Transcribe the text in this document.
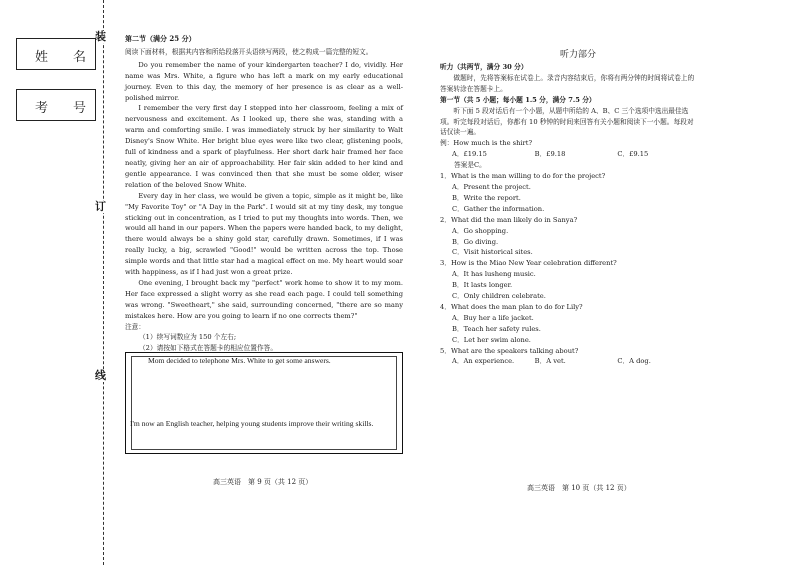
装
订
线
姓 名
考 号
第二节（满分 25 分）
阅读下面材料，根据其内容和所给段落开头语续写两段，使之构成一篇完整的短文。

Do you remember the name of your kindergarten teacher? I do, vividly. Her name was Mrs. White, a figure who has left a mark on my early educational journey. Even to this day, the memory of her presence is as clear as a well-polished mirror.

I remember the very first day I stepped into her classroom, feeling a mix of nervousness and excitement. As I looked up, there she was, standing with a warm and comforting smile. I was immediately struck by her similarity to Walt Disney's Snow White. Her bright blue eyes were like two clear, glistening pools, full of kindness and a spark of playfulness. Her short dark hair framed her face neatly, giving her an air of approachability. Her fair skin added to her kind and gentle appearance. I was convinced then that she must be some older, wiser relation of the beloved Snow White.

Every day in her class, we would be given a topic, simple as it might be, like "My Favorite Toy" or "A Day in the Park". I would sit at my tiny desk, my tongue sticking out in concentration, as I tried to put my thoughts into words. Then, we would all hand in our papers. When the papers were handed back, to my delight, there would always be a shiny gold star, carefully drawn. Sometimes, if I was really lucky, a big, scrawled "Good!" would be written across the top. Those simple words and that little star had a magical effect on me. My heart would soar with happiness, as if I had just won a great prize.

One evening, I brought back my "perfect" work home to show it to my mom. Her face expressed a slight worry as she read each page. I could tell something was wrong. "Sweetheart," she said, surrounding concerned, "there are so many mistakes here. How are you going to learn if no one corrects them?"

注意：

（1）续写词数应为 150 个左右;

（2）请按如下格式在答题卡的相应位置作答。

Mom decided to telephone Mrs. White to get some answers.
I'm now an English teacher, helping young students improve their writing skills.
高三英语　第 9 页（共 12 页）
听力部分

听力（共两节，满分 30 分）

做题时，先将答案标在试卷上。录音内容结束后，你将有两分钟的时间将试卷上的答案转涂在答题卡上。

第一节（共 5 小题；每小题 1.5 分，满分 7.5 分）

听下面 5 段对话后有一个小题，从题中所给的 A、B、C 三个选项中选出最佳选项。听完每段对话后，你都有 10 秒钟的时间来回答有关小题和阅读下一小题。每段对话仅读一遍。

例：How much is the shirt?

A．£19.15	B．£9.18	C．£9.15

答案是C。

1．What is the man willing to do for the project?

A．Present the project.

B．Write the report.

C．Gather the information.

2．What did the man likely do in Sanya?

A．Go shopping.

B．Go diving.

C．Visit historical sites.

3．How is the Miao New Year celebration different?

A．It has lusheng music.

B．It lasts longer.

C．Only children celebrate.

4．What does the man plan to do for Lily?

A．Buy her a life jacket.

B．Teach her safety rules.

C．Let her swim alone.

5．What are the speakers talking about?

A．An experience.	B．A vet.	C．A dog.
高三英语　第 10 页（共 12 页）
